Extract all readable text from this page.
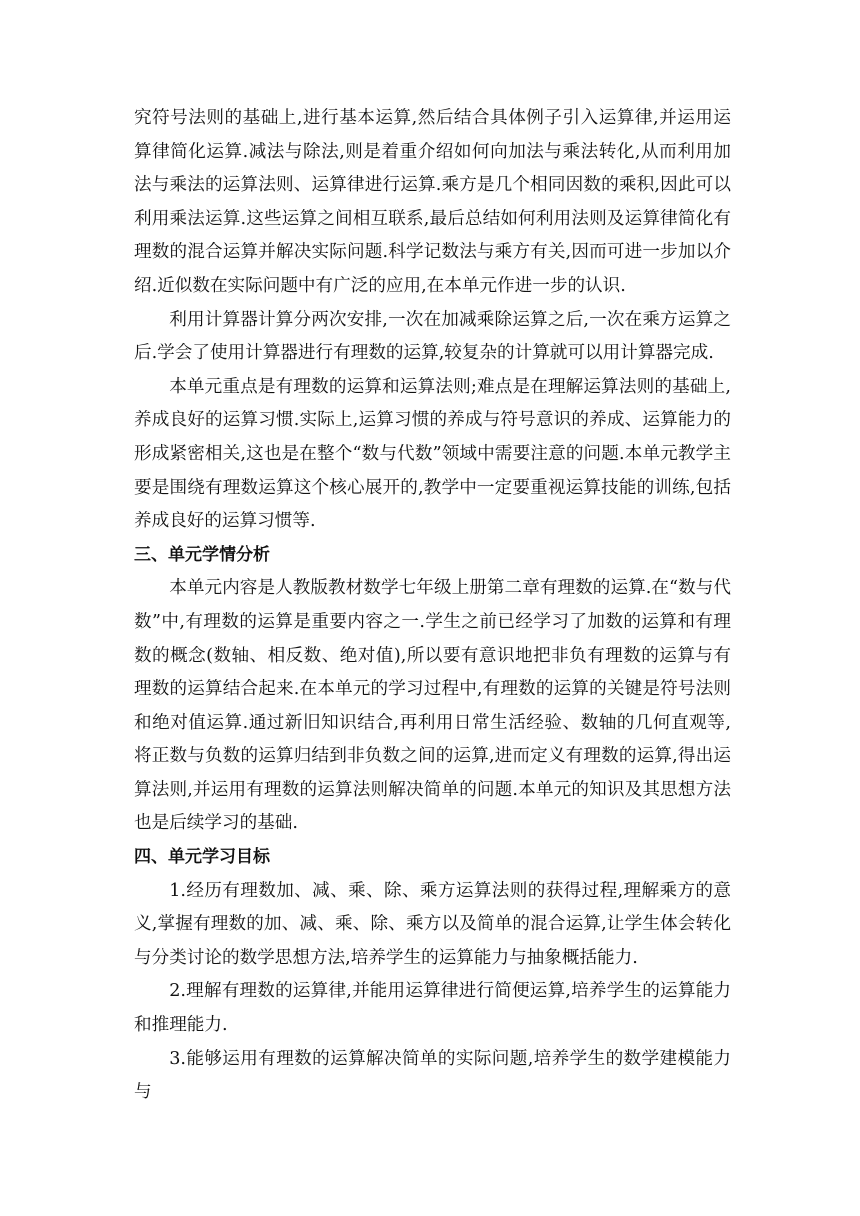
究符号法则的基础上,进行基本运算,然后结合具体例子引入运算律,并运用运算律简化运算.减法与除法,则是着重介绍如何向加法与乘法转化,从而利用加法与乘法的运算法则、运算律进行运算.乘方是几个相同因数的乘积,因此可以利用乘法运算.这些运算之间相互联系,最后总结如何利用法则及运算律简化有理数的混合运算并解决实际问题.科学记数法与乘方有关,因而可进一步加以介绍.近似数在实际问题中有广泛的应用,在本单元作进一步的认识.

利用计算器计算分两次安排,一次在加减乘除运算之后,一次在乘方运算之后.学会了使用计算器进行有理数的运算,较复杂的计算就可以用计算器完成.

本单元重点是有理数的运算和运算法则;难点是在理解运算法则的基础上,养成良好的运算习惯.实际上,运算习惯的养成与符号意识的养成、运算能力的形成紧密相关,这也是在整个“数与代数”领域中需要注意的问题.本单元教学主要是围绕有理数运算这个核心展开的,教学中一定要重视运算技能的训练,包括养成良好的运算习惯等.

三、单元学情分析

本单元内容是人教版教材数学七年级上册第二章有理数的运算.在“数与代数”中,有理数的运算是重要内容之一.学生之前已经学习了加数的运算和有理数的概念(数轴、相反数、绝对值),所以要有意识地把非负有理数的运算与有理数的运算结合起来.在本单元的学习过程中,有理数的运算的关键是符号法则和绝对值运算.通过新旧知识结合,再利用日常生活经验、数轴的几何直观等,将正数与负数的运算归结到非负数之间的运算,进而定义有理数的运算,得出运算法则,并运用有理数的运算法则解决简单的问题.本单元的知识及其思想方法也是后续学习的基础.

四、单元学习目标

1.经历有理数加、减、乘、除、乘方运算法则的获得过程,理解乘方的意义,掌握有理数的加、减、乘、除、乘方以及简单的混合运算,让学生体会转化与分类讨论的数学思想方法,培养学生的运算能力与抽象概括能力.

2.理解有理数的运算律,并能用运算律进行简便运算,培养学生的运算能力和推理能力.

3.能够运用有理数的运算解决简单的实际问题,培养学生的数学建模能力与
